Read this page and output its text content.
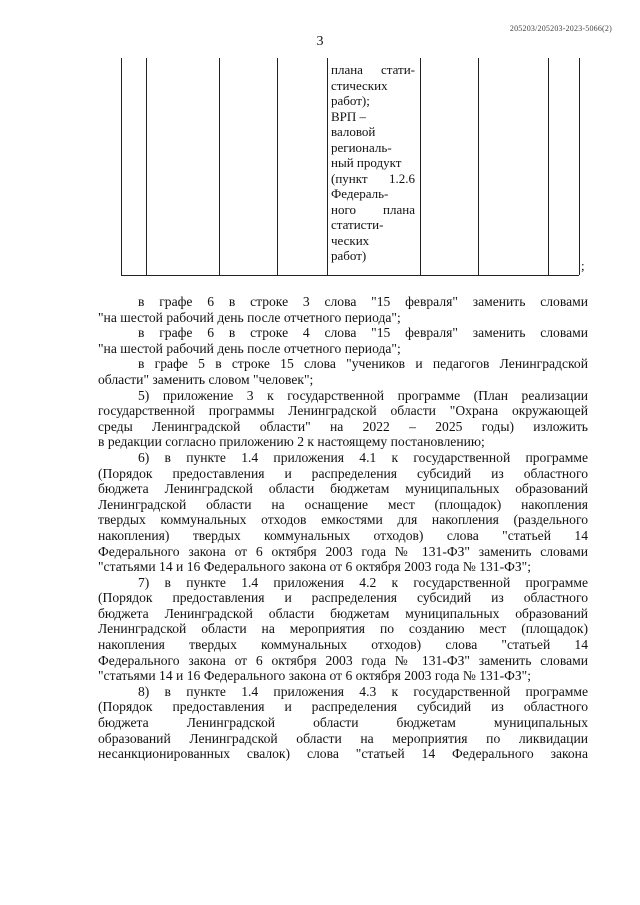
205203/205203-2023-5066(2)
3
плана стати-
стических
работ);
ВРП –
валовой
региональ-
ный продукт
(пункт 1.2.6
Федераль-
ного плана
статисти-
ческих
работ)
;
в графе 6 в строке 3 слова "15 февраля" заменить словами
"на шестой рабочий день после отчетного периода";
в графе 6 в строке 4 слова "15 февраля" заменить словами
"на шестой рабочий день после отчетного периода";
в графе 5 в строке 15 слова "учеников и педагогов Ленинградской
области" заменить словом "человек";
5) приложение 3 к государственной программе (План реализации
государственной программы Ленинградской области "Охрана окружающей
среды Ленинградской области" на 2022 – 2025 годы) изложить
в редакции согласно приложению 2 к настоящему постановлению;
6) в пункте 1.4 приложения 4.1 к государственной программе
(Порядок предоставления и распределения субсидий из областного
бюджета Ленинградской области бюджетам муниципальных образований
Ленинградской области на оснащение мест (площадок) накопления
твердых коммунальных отходов емкостями для накопления (раздельного
накопления) твердых коммунальных отходов) слова "статьей 14
Федерального закона от 6 октября 2003 года № 131-ФЗ" заменить словами
"статьями 14 и 16 Федерального закона от 6 октября 2003 года № 131-ФЗ";
7) в пункте 1.4 приложения 4.2 к государственной программе
(Порядок предоставления и распределения субсидий из областного
бюджета Ленинградской области бюджетам муниципальных образований
Ленинградской области на мероприятия по созданию мест (площадок)
накопления твердых коммунальных отходов) слова "статьей 14
Федерального закона от 6 октября 2003 года № 131-ФЗ" заменить словами
"статьями 14 и 16 Федерального закона от 6 октября 2003 года № 131-ФЗ";
8) в пункте 1.4 приложения 4.3 к государственной программе
(Порядок предоставления и распределения субсидий из областного
бюджета Ленинградской области бюджетам муниципальных
образований Ленинградской области на мероприятия по ликвидации
несанкционированных свалок) слова "статьей 14 Федерального закона
